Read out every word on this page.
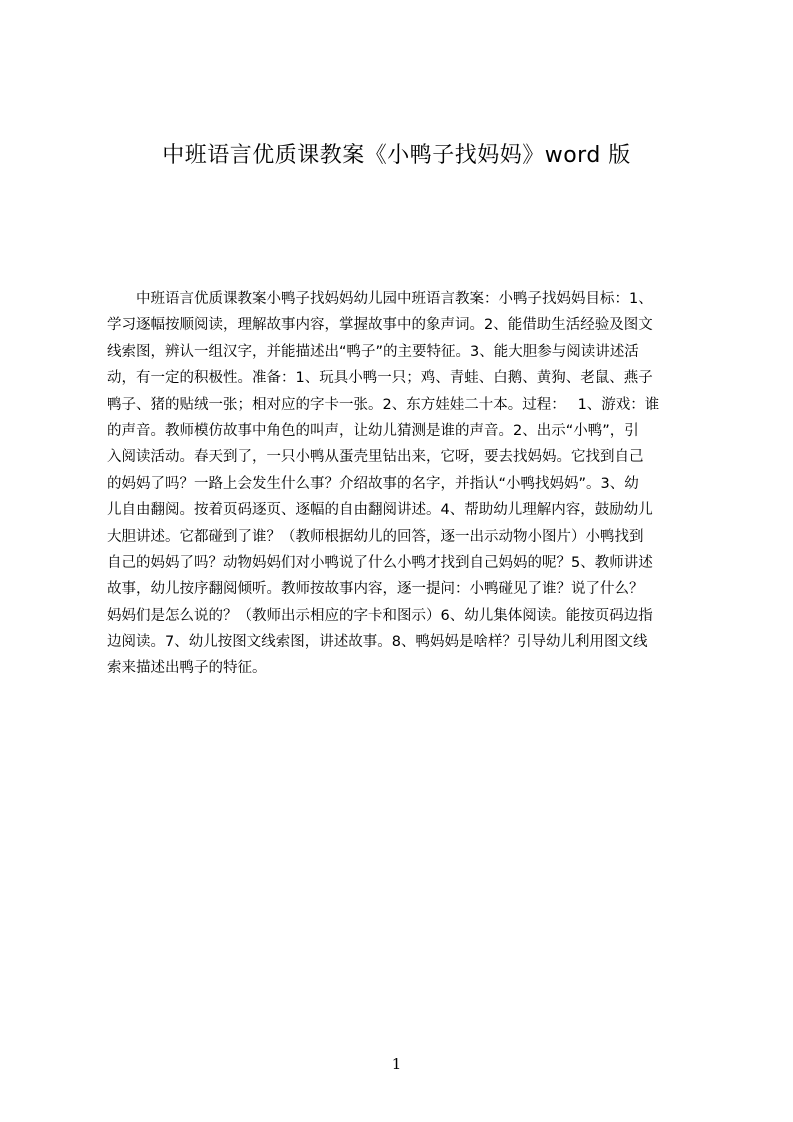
中班语言优质课教案《小鸭子找妈妈》word 版
　　中班语言优质课教案小鸭子找妈妈幼儿园中班语言教案：小鸭子找妈妈目标：1、
学习逐幅按顺阅读，理解故事内容，掌握故事中的象声词。2、能借助生活经验及图文
线索图，辨认一组汉字，并能描述出“鸭子”的主要特征。3、能大胆参与阅读讲述活
动，有一定的积极性。准备：1、玩具小鸭一只；鸡、青蛙、白鹅、黄狗、老鼠、燕子
鸭子、猪的贴绒一张；相对应的字卡一张。2、东方娃娃二十本。过程：　 1、游戏：谁
的声音。教师模仿故事中角色的叫声，让幼儿猜测是谁的声音。2、出示“小鸭”，引
入阅读活动。春天到了，一只小鸭从蛋壳里钻出来，它呀，要去找妈妈。它找到自己
的妈妈了吗？一路上会发生什么事？介绍故事的名字，并指认“小鸭找妈妈”。3、幼
儿自由翻阅。按着页码逐页、逐幅的自由翻阅讲述。4、帮助幼儿理解内容，鼓励幼儿
大胆讲述。它都碰到了谁？（教师根据幼儿的回答，逐一出示动物小图片）小鸭找到
自己的妈妈了吗？动物妈妈们对小鸭说了什么小鸭才找到自己妈妈的呢？5、教师讲述
故事，幼儿按序翻阅倾听。教师按故事内容，逐一提问：小鸭碰见了谁？说了什么？
妈妈们是怎么说的？（教师出示相应的字卡和图示）6、幼儿集体阅读。能按页码边指
边阅读。7、幼儿按图文线索图，讲述故事。8、鸭妈妈是啥样？引导幼儿利用图文线
索来描述出鸭子的特征。
1
